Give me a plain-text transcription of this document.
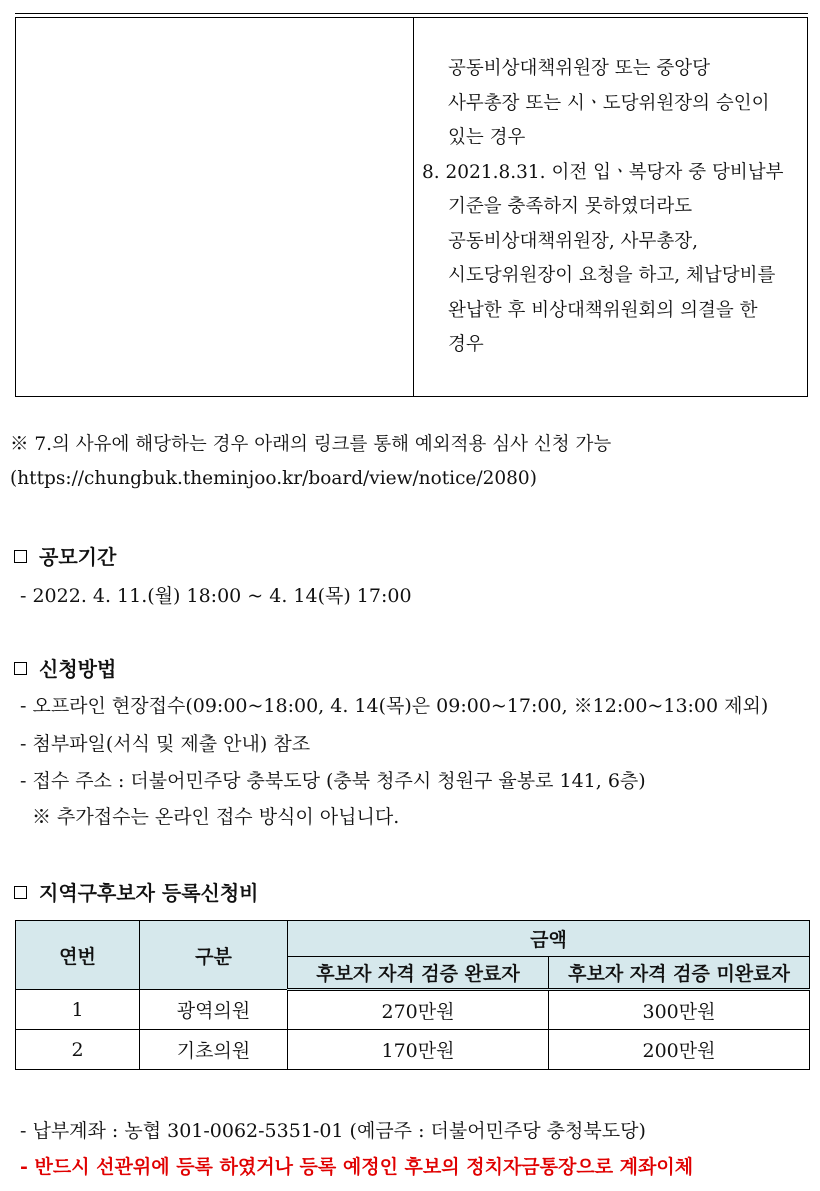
공동비상대책위원장 또는 중앙당
사무총장 또는 시ㆍ도당위원장의 승인이
있는 경우
8. 2021.8.31. 이전 입ㆍ복당자 중 당비납부
기준을 충족하지 못하였더라도
공동비상대책위원장, 사무총장,
시도당위원장이 요청을 하고, 체납당비를
완납한 후 비상대책위원회의 의결을 한
경우
※ 7.의 사유에 해당하는 경우 아래의 링크를 통해 예외적용 심사 신청 가능
(https://chungbuk.theminjoo.kr/board/view/notice/2080)
공모기간
- 2022. 4. 11.(월) 18:00 ~ 4. 14(목) 17:00
신청방법
- 오프라인 현장접수(09:00~18:00, 4. 14(목)은 09:00~17:00, ※12:00~13:00 제외)
- 첨부파일(서식 및 제출 안내) 참조
- 접수 주소 : 더불어민주당 충북도당 (충북 청주시 청원구 율봉로 141, 6층)
※ 추가접수는 온라인 접수 방식이 아닙니다.
지역구후보자 등록신청비
연번	구분	금액	
		후보자 자격 검증 완료자	후보자 자격 검증 미완료자
1	광역의원	270만원	300만원
2	기초의원	170만원	200만원
- 납부계좌 : 농협 301-0062-5351-01 (예금주 : 더불어민주당 충청북도당)
- 반드시 선관위에 등록 하였거나 등록 예정인 후보의 정치자금통장으로 계좌이체
